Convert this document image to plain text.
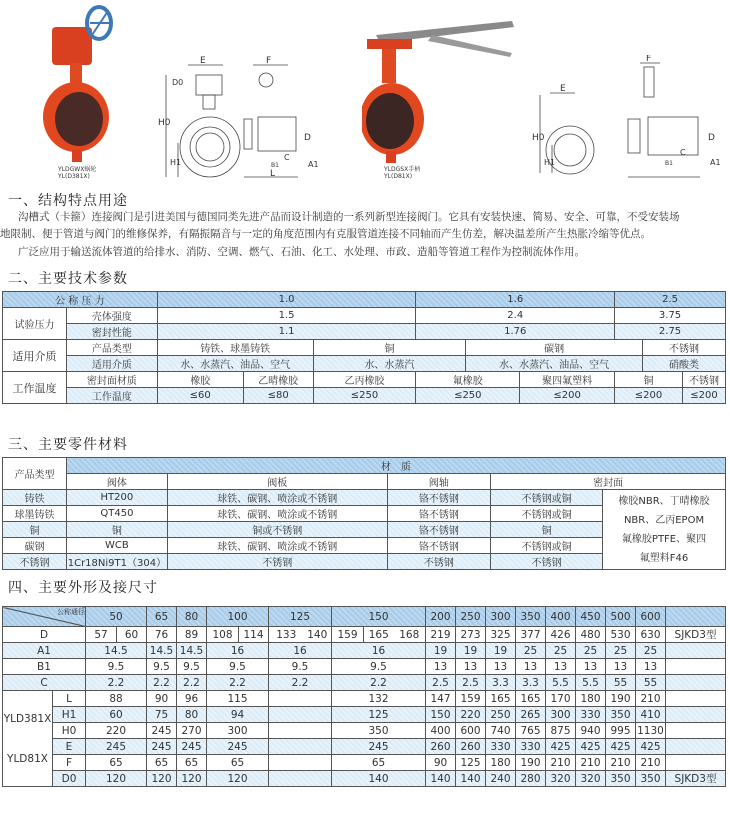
YLDGWX蜗轮
YL(D381X)
H0
H1
D0
E	F
D
C
B1	A1
L	YLDGSX手柄
YL(D81X)
H0
H1
E
F
D
C
B1	A1
一、结构特点用途
沟槽式（卡箍）连接阀门是引进美国与德国同类先进产品而设计制造的一系列新型连接阀门。它具有安装快速、简易、安全、可靠，不受安装场
地限制、便于管道与阀门的维修保养，有隔振隔音与一定的角度范围内有克服管道连接不同轴而产生仿差，解决温差所产生热胀冷缩等优点。
广泛应用于输送流体管道的给排水、消防、空调、燃气、石油、化工、水处理、市政、造船等管道工程作为控制流体作用。
二、主要技术参数
公 称 压 力		1.0			1.6			2.5		
试验压力	壳体强度	1.5			2.4			3.75		
	密封性能	1.1			1.76			2.75		
适用介质	产品类型	铸铁、球墨铸铁		铜		碳钢			不锈钢	
	适用介质	水、水蒸汽、油品、空气		水、水蒸汽		水、水蒸汽、油品、空气			硝酸类	
工作温度	密封面材质	橡胶	乙晴橡胶	乙丙橡胶	氟橡胶		聚四氟塑料	铜		不锈钢
	工作温度	≤60	≤80	≤250	≤250		≤200	≤200		≤200
三、主要零件材料
产品类型	材　质				
	阀体	阀板	阀轴	密封面	
铸铁	HT200	球铁、碳钢、喷涂或不锈钢	铬不锈钢	不锈钢或铜	橡胶NBR、丁晴橡胶
NBR、乙丙EPOM
氟橡胶PTFE、聚四
氟塑料F46

球墨铸铁	QT450	球铁、碳钢、喷涂或不锈钢	铬不锈钢	不锈钢或铜	
铜	铜	铜或不锈钢	铬不锈钢	铜	
碳钢	WCB	球铁、碳钢、喷涂或不锈钢	铬不锈钢	不锈钢或铜	
不锈钢	1Cr18Ni9T1（304）	不锈钢	不锈钢	不锈钢	
四、主要外形及接尺寸
公称通径		50		65	80	100		125		150			200	250	300	350	400	450	500	600	
D		57	60	76	89	108	114	133	140	159	165	168	219	273	325	377	426	480	530	630	SJKD3型
A1		14.5		14.5	14.5	16		16		16			19	19	19	25	25	25	25	25	
B1		9.5		9.5	9.5	9.5		9.5		9.5			13	13	13	13	13	13	13	13	
C		2.2		2.2	2.2	2.2		2.2		2.2			2.5	2.5	3.3	3.3	5.5	5.5	55	55	

YLD381X
YLD81X	L	88		90	96	115				132			147	159	165	165	170	180	190	210	
	H1	60		75	80	94				125			150	220	250	265	300	330	350	410	
	H0	220		245	270	300				350			400	600	740	765	875	940	995	1130	
	E	245		245	245	245				245			260	260	330	330	425	425	425	425	
	F	65		65	65	65				65			90	125	180	190	210	210	210	210	
	D0	120		120	120	120				140			140	140	240	280	320	320	350	350	SJKD3型
